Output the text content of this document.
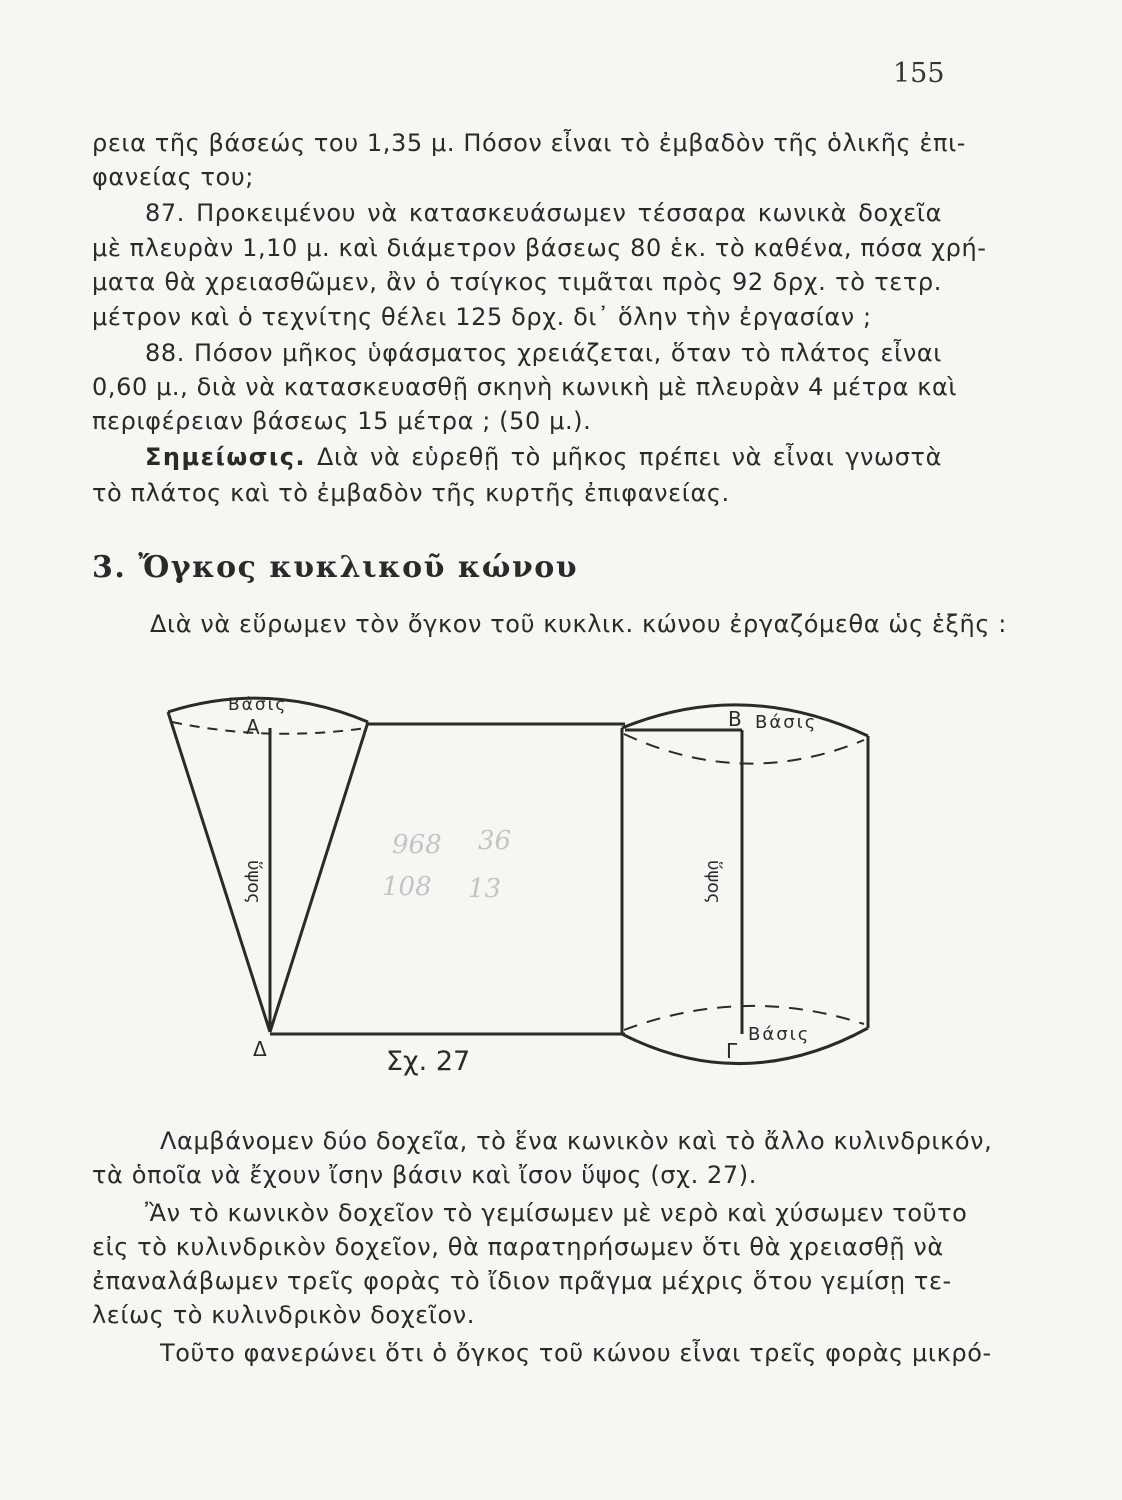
155
ρεια τῆς βάσεώς του 1,35 μ. Πόσον εἶναι τὸ ἐμβαδὸν τῆς ὁλικῆς ἐπι-
φανείας του;
87. Προκειμένου νὰ κατασκευάσωμεν τέσσαρα κωνικὰ δοχεῖα
μὲ πλευρὰν 1,10 μ. καὶ διάμετρον βάσεως 80 ἑκ. τὸ καθένα, πόσα χρή-
ματα θὰ χρειασθῶμεν, ἂν ὁ τσίγκος τιμᾶται πρὸς 92 δρχ. τὸ τετρ.
μέτρον καὶ ὁ τεχνίτης θέλει 125 δρχ. δι᾿ ὅλην τὴν ἐργασίαν ;
88. Πόσον μῆκος ὑφάσματος χρειάζεται, ὅταν τὸ πλάτος εἶναι
0,60 μ., διὰ νὰ κατασκευασθῇ σκηνὴ κωνικὴ μὲ πλευρὰν 4 μέτρα καὶ
περιφέρειαν βάσεως 15 μέτρα ; (50 μ.).
Σημείωσις. Διὰ νὰ εὑρεθῇ τὸ μῆκος πρέπει νὰ εἶναι γνωστὰ
τὸ πλάτος καὶ τὸ ἐμβαδὸν τῆς κυρτῆς ἐπιφανείας.
3. Ὄγκος κυκλικοῦ κώνου
Διὰ νὰ εὕρωμεν τὸν ὄγκον τοῦ κυκλικ. κώνου ἐργαζόμεθα ὡς ἑξῆς :
Βάσις
Α	Β Βάσις
ὕψος	ὕψος
Δ	Γ
Βάσις
Σχ. 27
968 36
108 13
Λαμβάνομεν δύο δοχεῖα, τὸ ἕνα κωνικὸν καὶ τὸ ἄλλο κυλινδρικόν,
τὰ ὁποῖα νὰ ἔχουν ἴσην βάσιν καὶ ἴσον ὕψος (σχ. 27).
Ἂν τὸ κωνικὸν δοχεῖον τὸ γεμίσωμεν μὲ νερὸ καὶ χύσωμεν τοῦτο
εἰς τὸ κυλινδρικὸν δοχεῖον, θὰ παρατηρήσωμεν ὅτι θὰ χρειασθῇ νὰ
ἐπαναλάβωμεν τρεῖς φορὰς τὸ ἴδιον πρᾶγμα μέχρις ὅτου γεμίσῃ τε-
λείως τὸ κυλινδρικὸν δοχεῖον.
Τοῦτο φανερώνει ὅτι ὁ ὄγκος τοῦ κώνου εἶναι τρεῖς φορὰς μικρό-
